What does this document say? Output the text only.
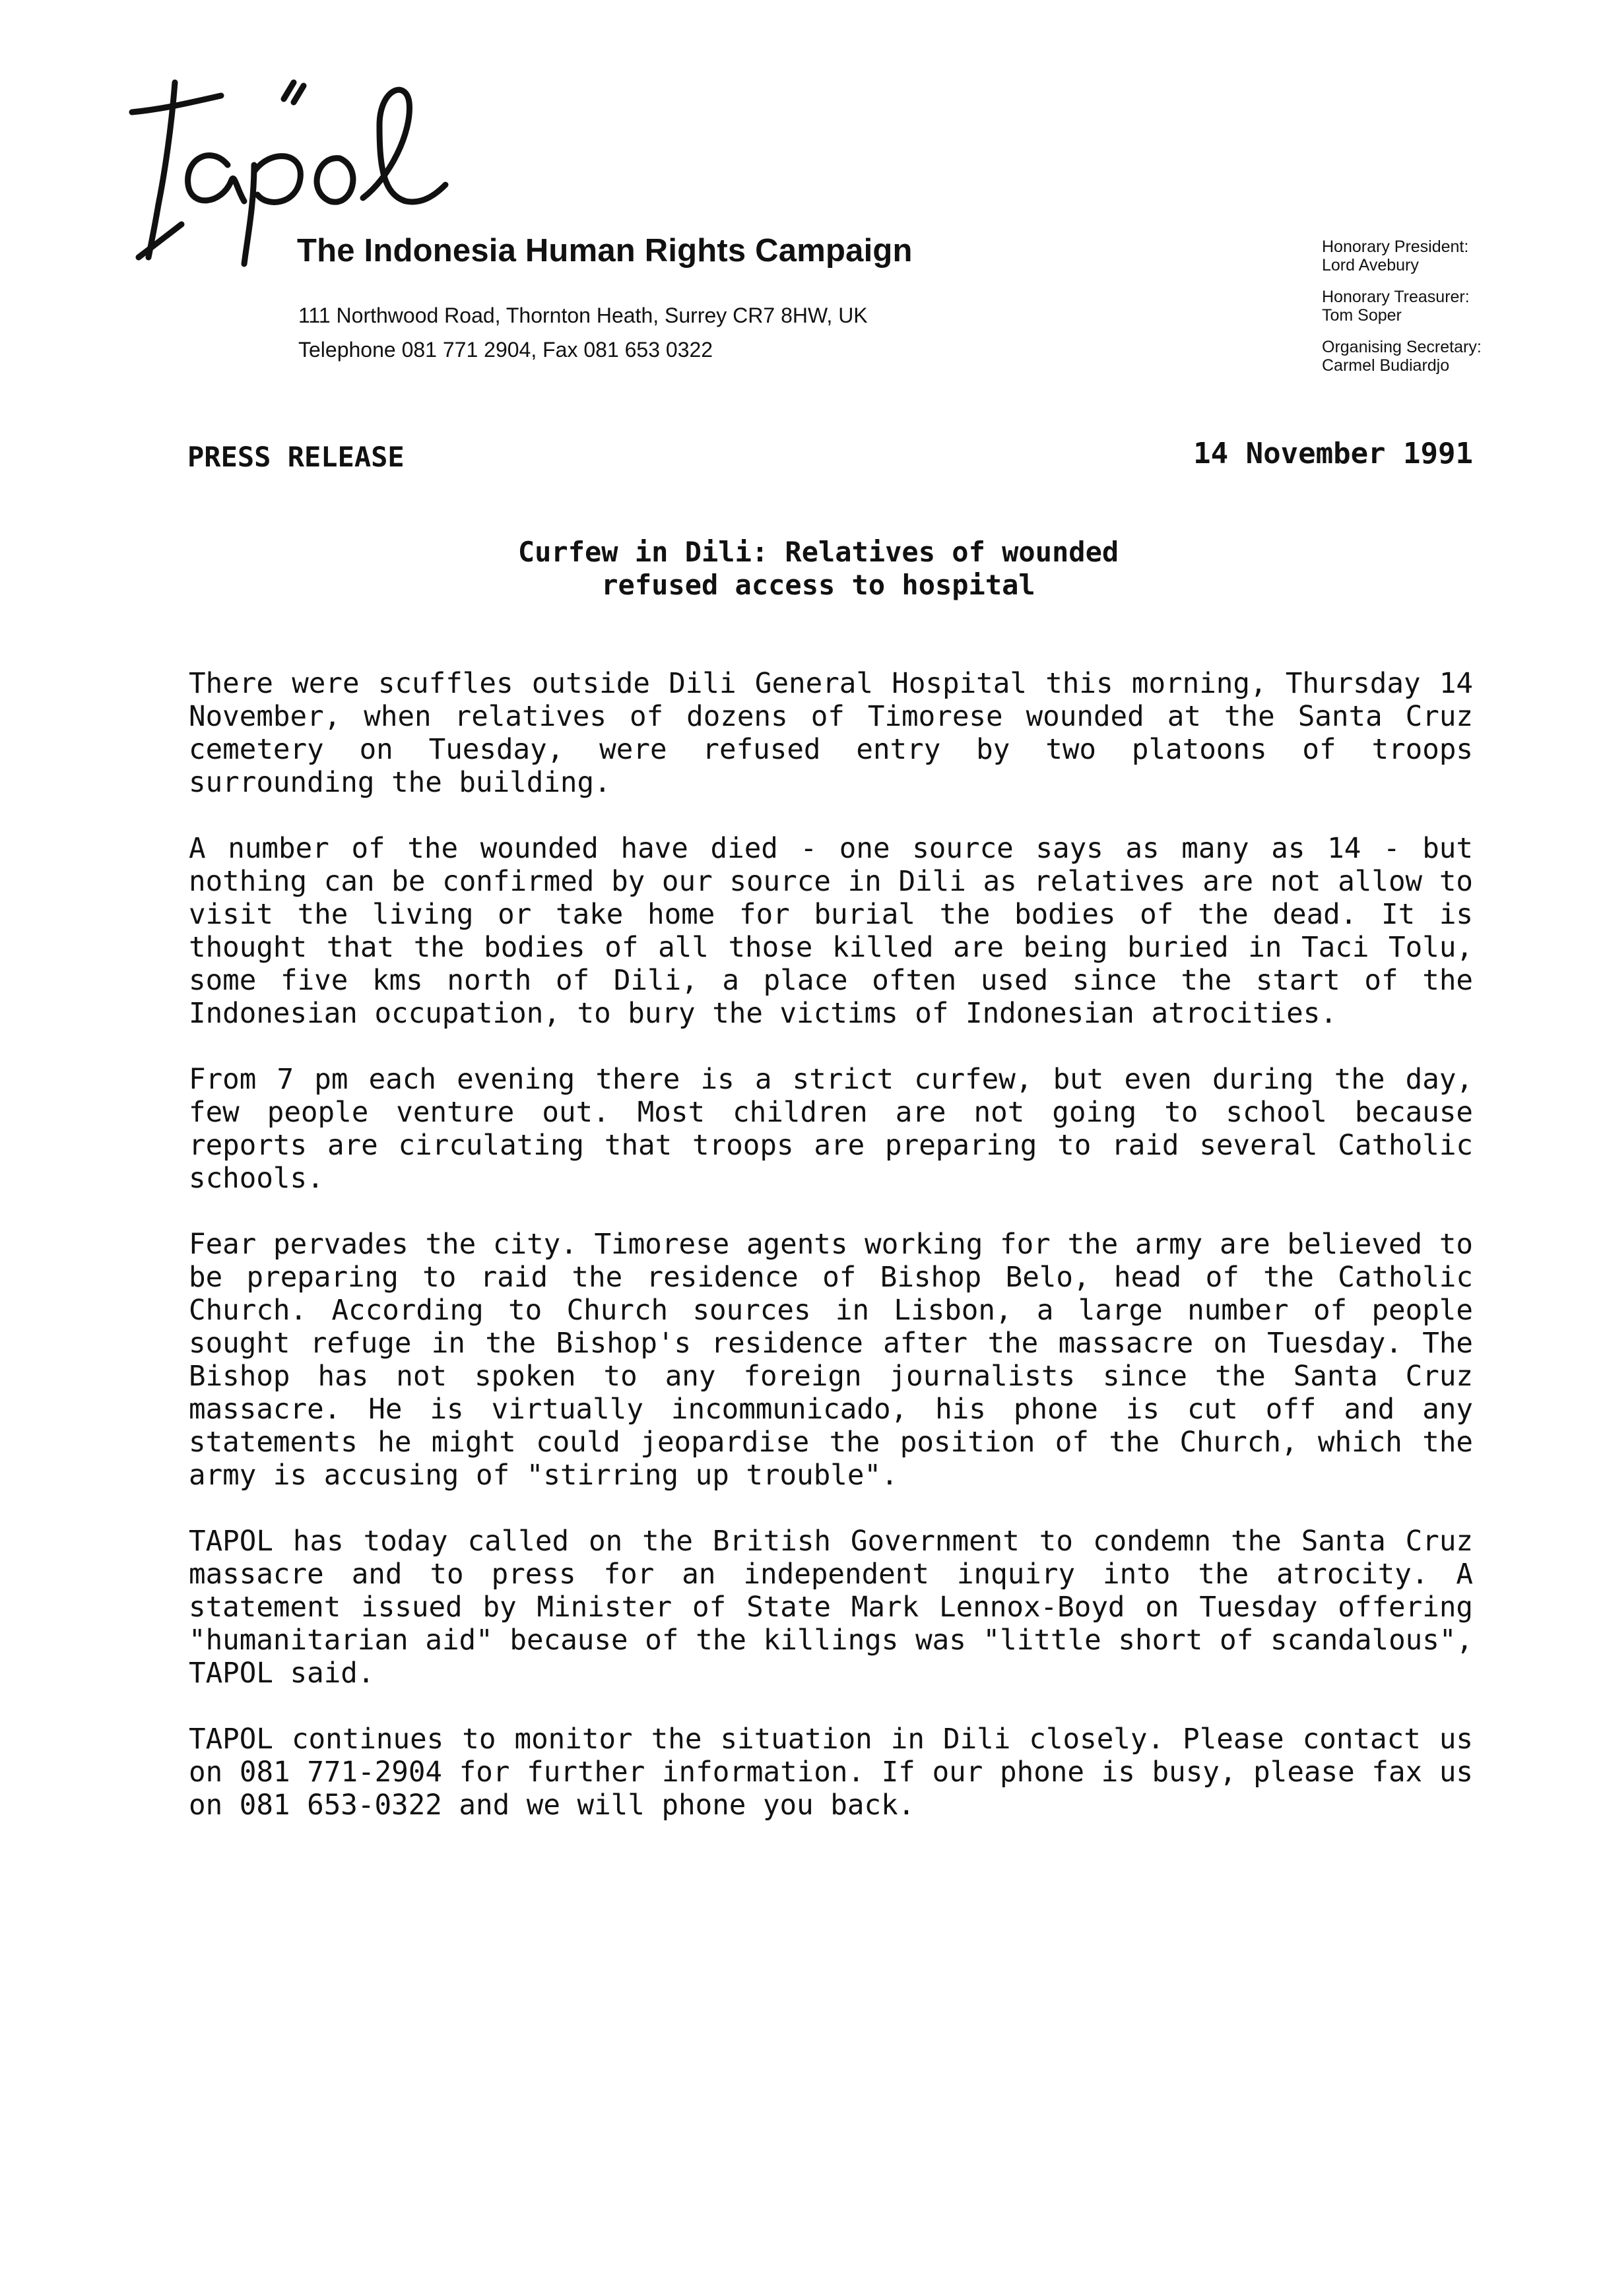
The Indonesia Human Rights Campaign
111 Northwood Road, Thornton Heath, Surrey CR7 8HW, UK
Telephone 081 771 2904, Fax 081 653 0322
Honorary President:
Lord Avebury
Honorary Treasurer:
Tom Soper
Organising Secretary:
Carmel Budiardjo
PRESS RELEASE	14 November 1991
Curfew in Dili: Relatives of wounded
refused access to hospital

There were scuffles outside Dili General Hospital this morning, Thursday 14 November, when relatives of dozens of Timorese wounded at the Santa Cruz cemetery on Tuesday, were refused entry by two platoons of troops surrounding the building.

A number of the wounded have died - one source says as many as 14 - but nothing can be confirmed by our source in Dili as relatives are not allow to visit the living or take home for burial the bodies of the dead. It is thought that the bodies of all those killed are being buried in Taci Tolu, some five kms north of Dili, a place often used since the start of the Indonesian occupation, to bury the victims of Indonesian atrocities.

From 7 pm each evening there is a strict curfew, but even during the day, few people venture out. Most children are not going to school because reports are circulating that troops are preparing to raid several Catholic schools.

Fear pervades the city. Timorese agents working for the army are believed to be preparing to raid the residence of Bishop Belo, head of the Catholic Church. According to Church sources in Lisbon, a large number of people sought refuge in the Bishop's residence after the massacre on Tuesday. The Bishop has not spoken to any foreign journalists since the Santa Cruz massacre. He is virtually incommunicado, his phone is cut off and any statements he might could jeopardise the position of the Church, which the army is accusing of "stirring up trouble".

TAPOL has today called on the British Government to condemn the Santa Cruz massacre and to press for an independent inquiry into the atrocity. A statement issued by Minister of State Mark Lennox-Boyd on Tuesday offering "humanitarian aid" because of the killings was "little short of scandalous", TAPOL said.

TAPOL continues to monitor the situation in Dili closely. Please contact us on 081 771-2904 for further information. If our phone is busy, please fax us on 081 653-0322 and we will phone you back.
